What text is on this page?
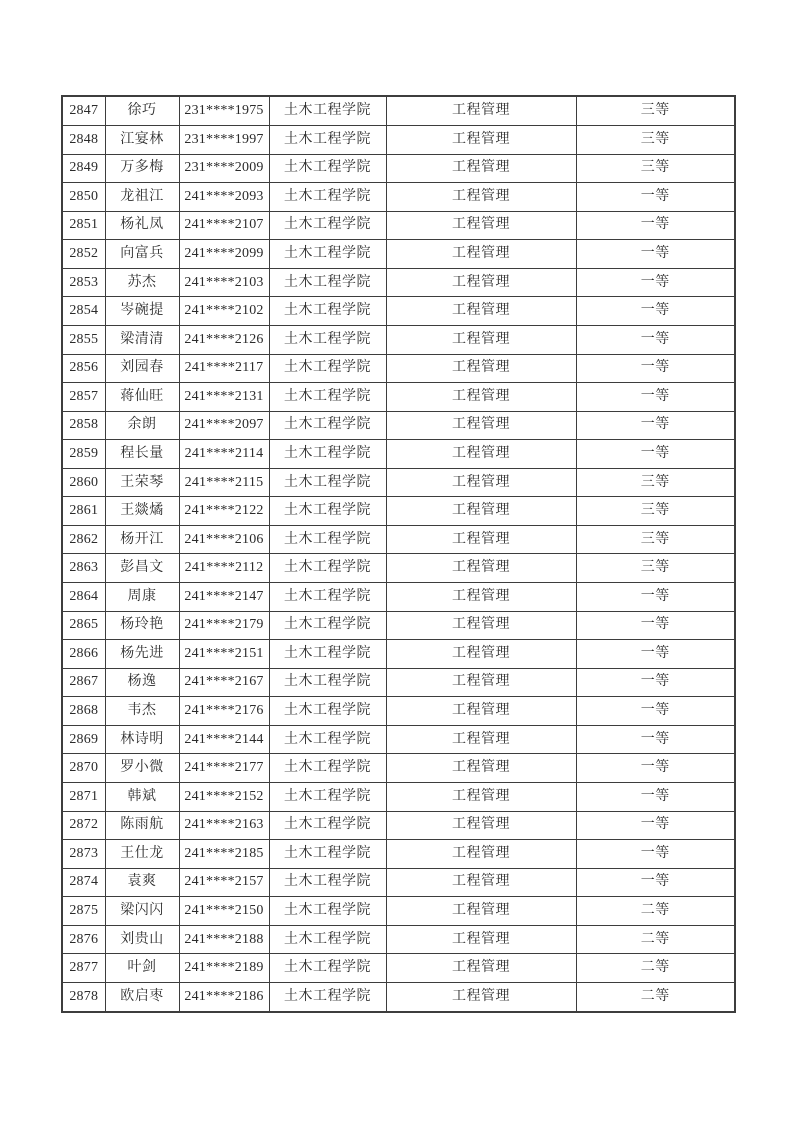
2847	徐巧	231****1975	土木工程学院	工程管理	三等
2848	江宴林	231****1997	土木工程学院	工程管理	三等
2849	万多梅	231****2009	土木工程学院	工程管理	三等
2850	龙祖江	241****2093	土木工程学院	工程管理	一等
2851	杨礼凤	241****2107	土木工程学院	工程管理	一等
2852	向富兵	241****2099	土木工程学院	工程管理	一等
2853	苏杰	241****2103	土木工程学院	工程管理	一等
2854	岑碗提	241****2102	土木工程学院	工程管理	一等
2855	梁清清	241****2126	土木工程学院	工程管理	一等
2856	刘园春	241****2117	土木工程学院	工程管理	一等
2857	蒋仙旺	241****2131	土木工程学院	工程管理	一等
2858	余朗	241****2097	土木工程学院	工程管理	一等
2859	程长量	241****2114	土木工程学院	工程管理	一等
2860	王荣琴	241****2115	土木工程学院	工程管理	三等
2861	王燚燏	241****2122	土木工程学院	工程管理	三等
2862	杨开江	241****2106	土木工程学院	工程管理	三等
2863	彭昌文	241****2112	土木工程学院	工程管理	三等
2864	周康	241****2147	土木工程学院	工程管理	一等
2865	杨玲艳	241****2179	土木工程学院	工程管理	一等
2866	杨先进	241****2151	土木工程学院	工程管理	一等
2867	杨逸	241****2167	土木工程学院	工程管理	一等
2868	韦杰	241****2176	土木工程学院	工程管理	一等
2869	林诗明	241****2144	土木工程学院	工程管理	一等
2870	罗小微	241****2177	土木工程学院	工程管理	一等
2871	韩斌	241****2152	土木工程学院	工程管理	一等
2872	陈雨航	241****2163	土木工程学院	工程管理	一等
2873	王仕龙	241****2185	土木工程学院	工程管理	一等
2874	袁爽	241****2157	土木工程学院	工程管理	一等
2875	梁闪闪	241****2150	土木工程学院	工程管理	二等
2876	刘贵山	241****2188	土木工程学院	工程管理	二等
2877	叶剑	241****2189	土木工程学院	工程管理	二等
2878	欧启枣	241****2186	土木工程学院	工程管理	二等
